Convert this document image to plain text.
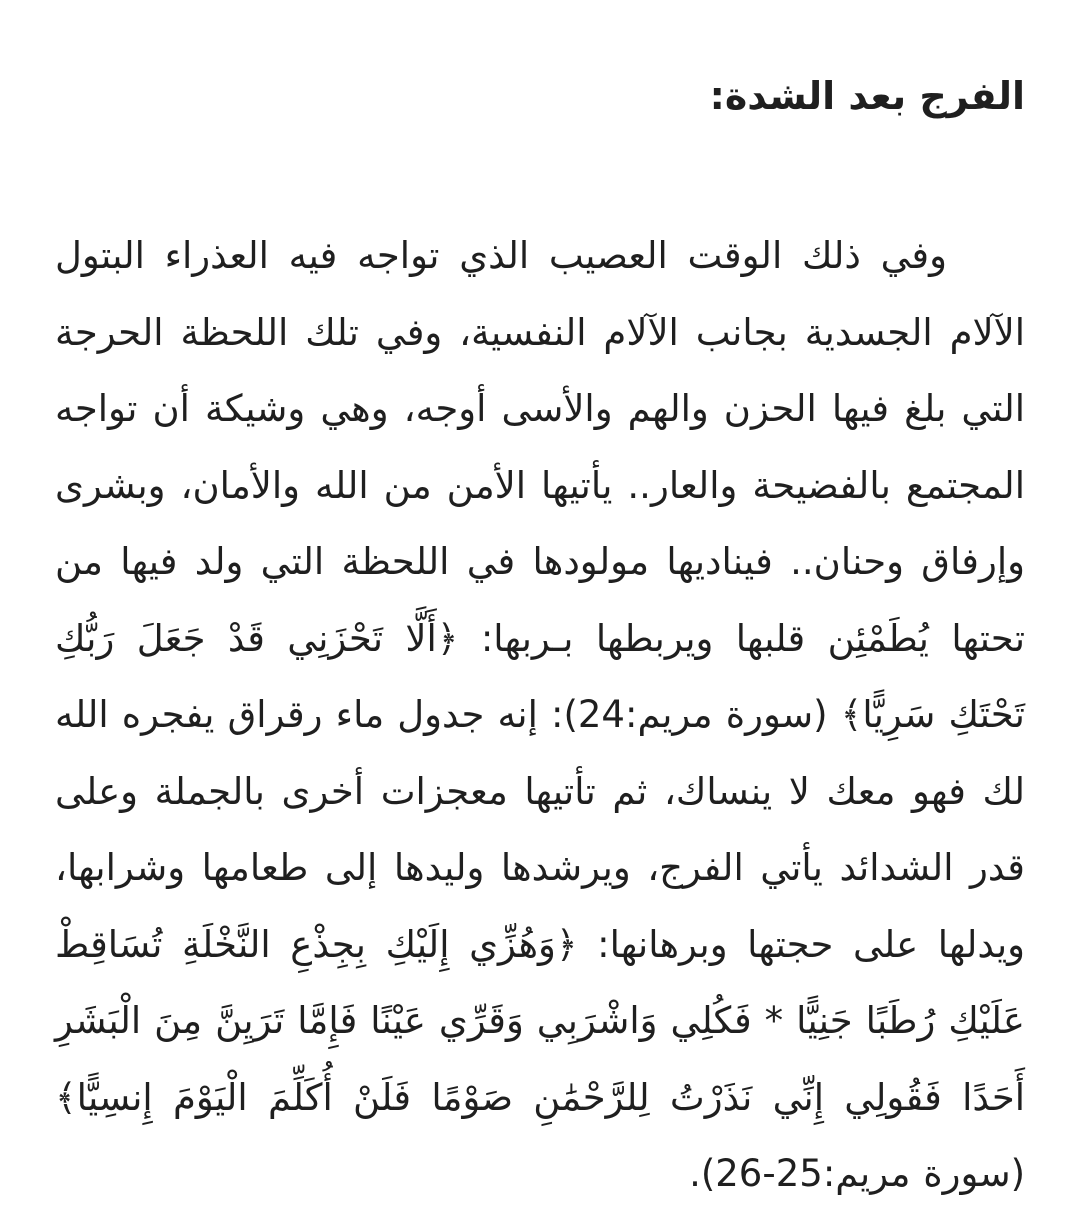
الفرج بعد الشدة:

وفي ذلك الوقت العصيب الذي تواجه فيه العذراء البتول الآلام الجسدية بجانب الآلام النفسية، وفي تلك اللحظة الحرجة التي بلغ فيها الحزن والهم والأسى أوجه، وهي وشيكة أن تواجه المجتمع بالفضيحة والعار.. يأتيها الأمن من الله والأمان، وبشرى وإرفاق وحنان.. فيناديها مولودها في اللحظة التي ولد فيها من تحتها يُطَمْئِن قلبها ويربطها بـربها: ﴿أَلَّا تَحْزَنِي قَدْ جَعَلَ رَبُّكِ تَحْتَكِ سَرِيًّا﴾ (سورة مريم:24): إنه جدول ماء رقراق يفجره الله لك فهو معك لا ينساك، ثم تأتيها معجزات أخرى بالجملة وعلى قدر الشدائد يأتي الفرج، ويرشدها وليدها إلى طعامها وشرابها، ويدلها على حجتها وبرهانها: ﴿وَهُزِّي إِلَيْكِ بِجِذْعِ النَّخْلَةِ تُسَاقِطْ عَلَيْكِ رُطَبًا جَنِيًّا * فَكُلِي وَاشْرَبِي وَقَرِّي عَيْنًا فَإِمَّا تَرَيِنَّ مِنَ الْبَشَرِ أَحَدًا فَقُولِي إِنِّي نَذَرْتُ لِلرَّحْمَٰنِ صَوْمًا فَلَنْ أُكَلِّمَ الْيَوْمَ إِنسِيًّا﴾ (سورة مريم:25-26).
